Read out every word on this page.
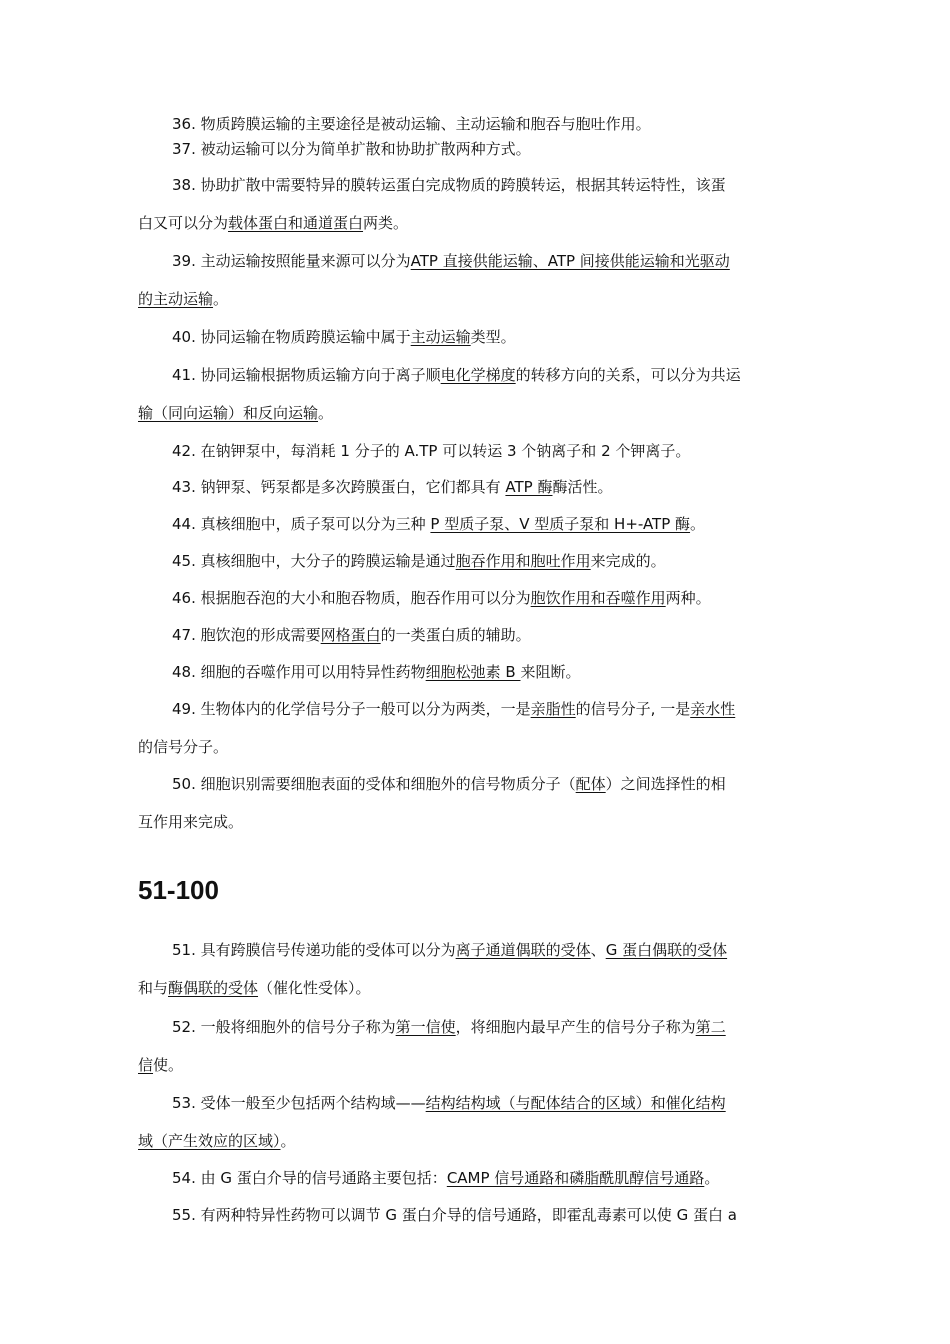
51-100
36. 物质跨膜运输的主要途径是被动运输、主动运输和胞吞与胞吐作用。
37. 被动运输可以分为简单扩散和协助扩散两种方式。
38. 协助扩散中需要特异的膜转运蛋白完成物质的跨膜转运，根据其转运特性，该蛋
白又可以分为载体蛋白和通道蛋白两类。
39. 主动运输按照能量来源可以分为ATP 直接供能运输、ATP 间接供能运输和光驱动
的主动运输。
40. 协同运输在物质跨膜运输中属于主动运输类型。
41. 协同运输根据物质运输方向于离子顺电化学梯度的转移方向的关系，可以分为共运
输（同向运输）和反向运输。
42. 在钠钾泵中，每消耗 1 分子的 A.TP 可以转运 3 个钠离子和 2 个钾离子。
43. 钠钾泵、钙泵都是多次跨膜蛋白，它们都具有 ATP 酶酶活性。
44. 真核细胞中，质子泵可以分为三种 P 型质子泵、V 型质子泵和 H+-ATP 酶。
45. 真核细胞中，大分子的跨膜运输是通过胞吞作用和胞吐作用来完成的。
46. 根据胞吞泡的大小和胞吞物质，胞吞作用可以分为胞饮作用和吞噬作用两种。
47. 胞饮泡的形成需要网格蛋白的一类蛋白质的辅助。
48. 细胞的吞噬作用可以用特异性药物细胞松弛素 B 来阻断。
49. 生物体内的化学信号分子一般可以分为两类，一是亲脂性的信号分子, 一是亲水性
的信号分子。
50. 细胞识别需要细胞表面的受体和细胞外的信号物质分子（配体）之间选择性的相
互作用来完成。
51. 具有跨膜信号传递功能的受体可以分为离子通道偶联的受体、G 蛋白偶联的受体
和与酶偶联的受体（催化性受体）。
52. 一般将细胞外的信号分子称为第一信使，将细胞内最早产生的信号分子称为第二
信使。
53. 受体一般至少包括两个结构域——结构结构域（与配体结合的区域）和催化结构
域（产生效应的区域）。
54. 由 G 蛋白介导的信号通路主要包括：CAMP 信号通路和磷脂酰肌醇信号通路。
55. 有两种特异性药物可以调节 G 蛋白介导的信号通路，即霍乱毒素可以使 G 蛋白 a
